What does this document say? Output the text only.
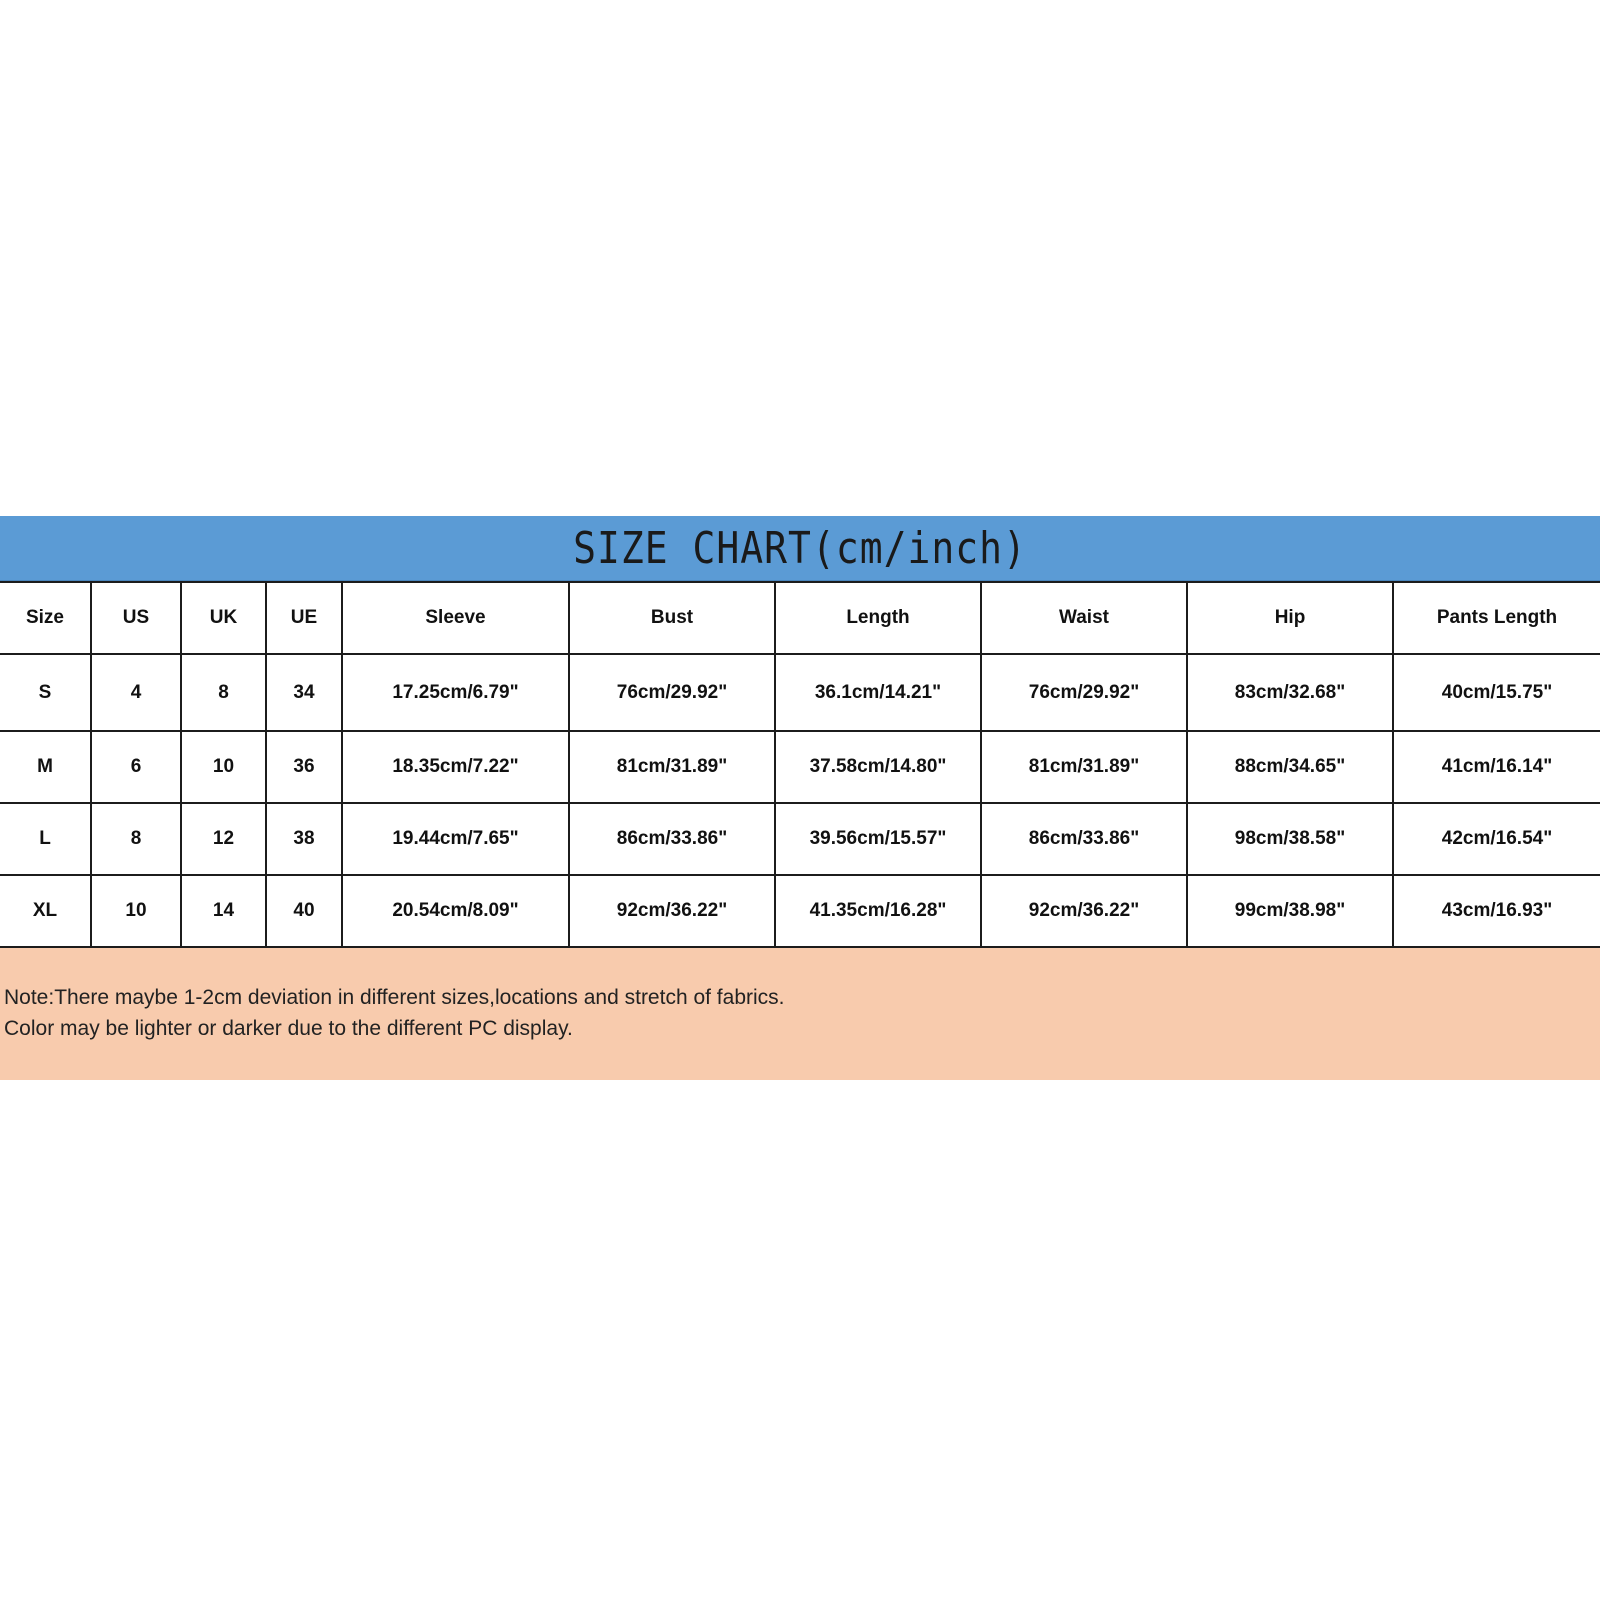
SIZE CHART(cm/inch)
Size	US	UK	UE	Sleeve	Bust	Length	Waist	Hip	Pants Length
S	4	8	34	17.25cm/6.79"	76cm/29.92"	36.1cm/14.21"	76cm/29.92"	83cm/32.68"	40cm/15.75"
M	6	10	36	18.35cm/7.22"	81cm/31.89"	37.58cm/14.80"	81cm/31.89"	88cm/34.65"	41cm/16.14"
L	8	12	38	19.44cm/7.65"	86cm/33.86"	39.56cm/15.57"	86cm/33.86"	98cm/38.58"	42cm/16.54"
XL	10	14	40	20.54cm/8.09"	92cm/36.22"	41.35cm/16.28"	92cm/36.22"	99cm/38.98"	43cm/16.93"
Note:There maybe 1-2cm deviation in different sizes,locations and stretch of fabrics.
Color may be lighter or darker due to the different PC display.
